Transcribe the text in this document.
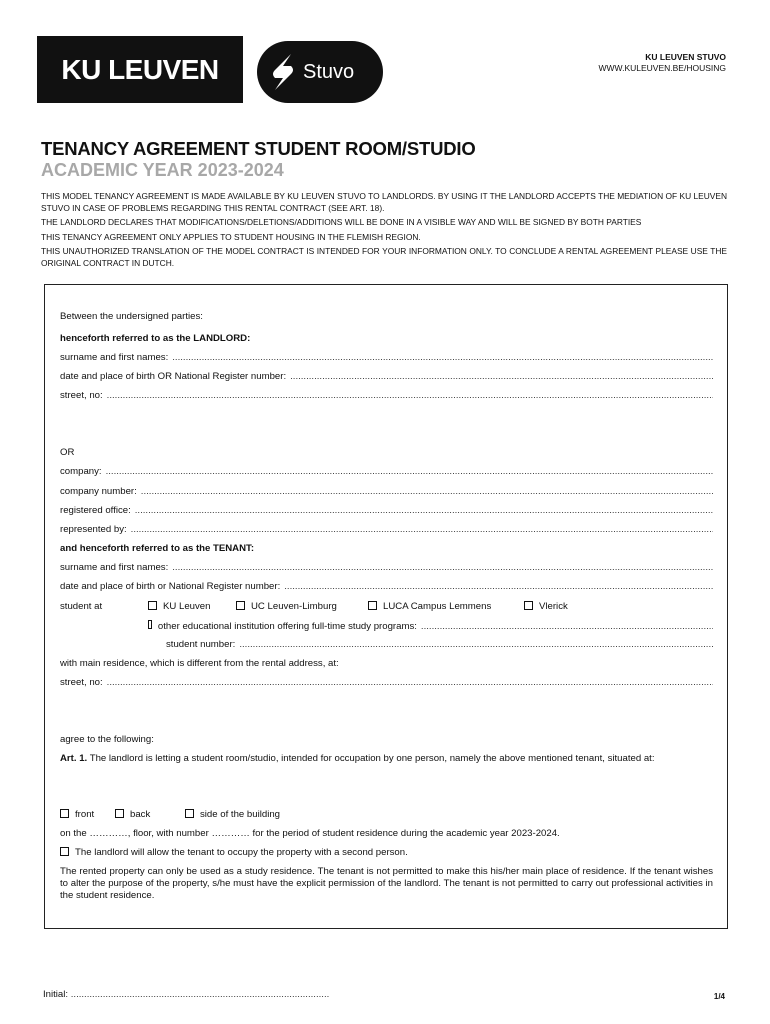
KU LEUVEN	Stuvo
KU LEUVEN STUVO
WWW.KULEUVEN.BE/HOUSING
TENANCY AGREEMENT STUDENT ROOM/STUDIO
ACADEMIC YEAR 2023-2024

THIS MODEL TENANCY AGREEMENT IS MADE AVAILABLE BY KU LEUVEN STUVO TO LANDLORDS. BY USING IT THE LANDLORD ACCEPTS THE MEDIATION OF KU LEUVEN STUVO IN CASE OF PROBLEMS REGARDING THIS RENTAL CONTRACT (SEE ART. 18).

THE LANDLORD DECLARES THAT MODIFICATIONS/DELETIONS/ADDITIONS WILL BE DONE IN A VISIBLE WAY AND WILL BE SIGNED BY BOTH PARTIES

THIS TENANCY AGREEMENT ONLY APPLIES TO STUDENT HOUSING IN THE FLEMISH REGION.

THIS UNAUTHORIZED TRANSLATION OF THE MODEL CONTRACT IS INTENDED FOR YOUR INFORMATION ONLY. TO CONCLUDE A RENTAL AGREEMENT PLEASE USE THE ORIGINAL CONTRACT IN DUTCH.

Between the undersigned parties:
henceforth referred to as the LANDLORD:
surname and first names:
.....
date and place of birth OR National Register number:
.....
street, no:
.....
OR
company:
.....
company number:
.....
registered office:
.....
represented by:
.....
and henceforth referred to as the TENANT:
surname and first names:
.....
date and place of birth or National Register number:
.....
student at	KU Leuven	UC Leuven-Limburg	LUCA Campus Lemmens	Vlerick
other educational institution offering full-time study programs:
.....
student number:
.....
with main residence, which is different from the rental address, at:
street, no:
.....
agree to the following:
Art. 1. The landlord is letting a student room/studio, intended for occupation by one person, namely the above mentioned tenant, situated at:
front	back	side of the building
on the …………, floor, with number ………… for the period of student residence during the academic year 2023-2024.
The landlord will allow the tenant to occupy the property with a second person.
The rented property can only be used as a study residence. The tenant is not permitted to make this his/her main place of residence. If the tenant wishes to alter the purpose of the property, s/he must have the explicit permission of the landlord. The tenant is not permitted to carry out professional activities in the student residence.
Initial: .................................................................................................	1/4
